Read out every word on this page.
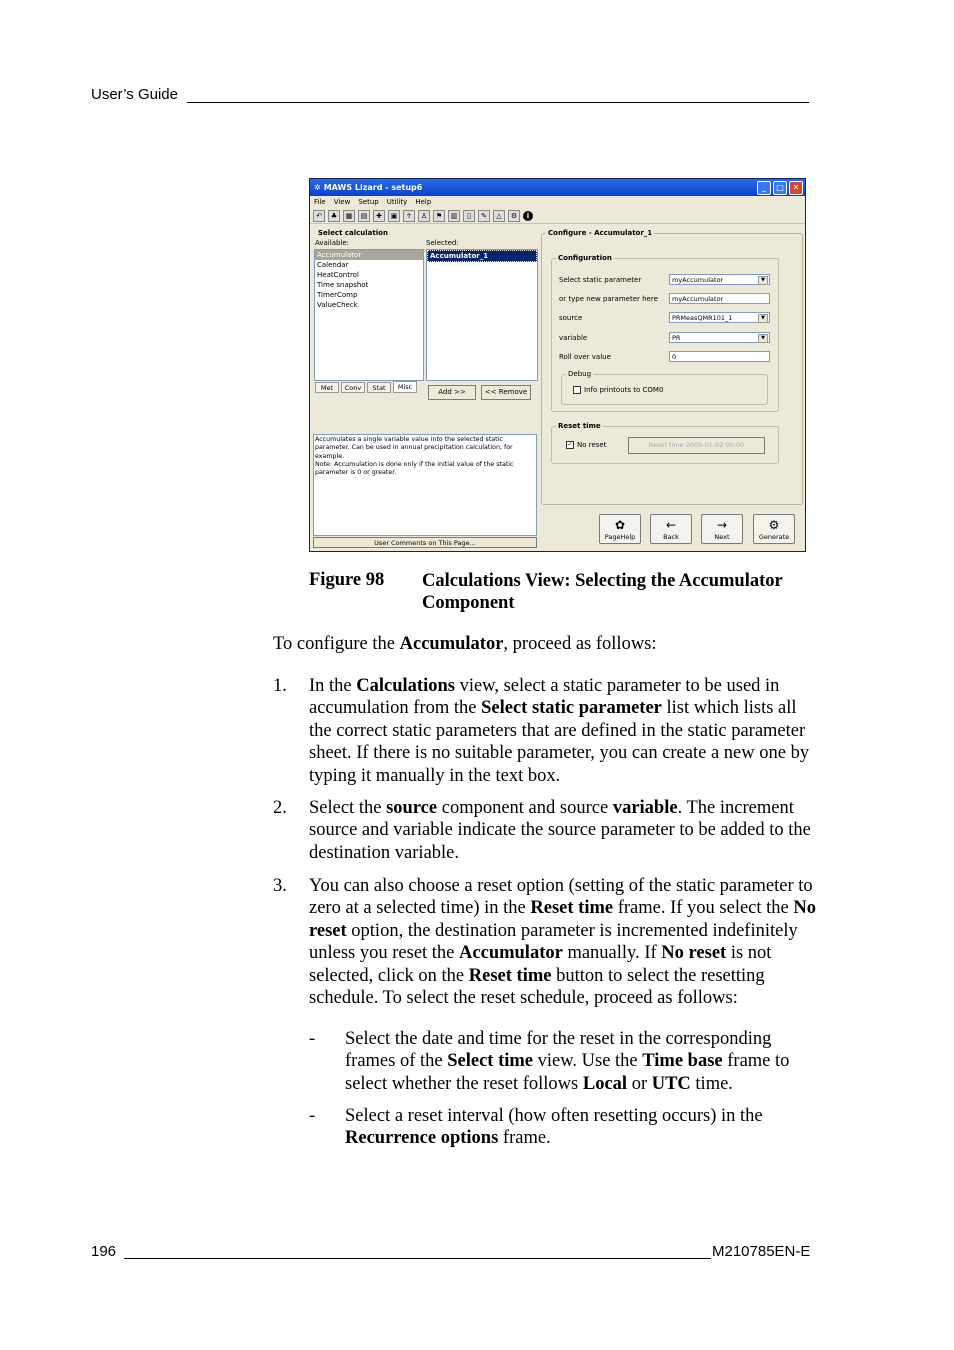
User’s Guide
✲ MAWS Lizard - setup6	_	□	✕
File View Setup Utility Help
↶	♣	▦	▤	✚	▣	☥	♙	⚑	▥	▯	✎	△	⚙	i
Select calculation
Available:	Selected:
Accumulator
Calendar
HeatControl
Time snapshot
TimerComp
ValueCheck
Accumulator_1
Met	Conv	Stat	Misc
Add >>	<< Remove
Accumulates a single variable value into the selected static parameter. Can be used in annual precipitation calculation, for example.
Note: Accumulation is done only if the initial value of the static parameter is 0 or greater.
User Comments on This Page...
Configure - Accumulator_1
Configuration
Select static parameter	myAccumulator	▼
or type new parameter here	myAccumulator
source	PRMeasQMR101_1	▼
variable	PR	▼
Roll over value	0
Debug
Info printouts to COM0
Reset time
✓ No reset	Reset time 2005-01-02 00:00
✿
PageHelp
←
Back
→
Next
⚙
Generate
Figure 98 Calculations View: Selecting the Accumulator Component
To configure the Accumulator, proceed as follows:
1. In the Calculations view, select a static parameter to be used in accumulation from the Select static parameter list which lists all the correct static parameters that are defined in the static parameter sheet. If there is no suitable parameter, you can create a new one by typing it manually in the text box.
2. Select the source component and source variable. The increment source and variable indicate the source parameter to be added to the destination variable.
3. You can also choose a reset option (setting of the static parameter to zero at a selected time) in the Reset time frame. If you select the No reset option, the destination parameter is incremented indefinitely unless you reset the Accumulator manually. If No reset is not selected, click on the Reset time button to select the resetting schedule. To select the reset schedule, proceed as follows:
- Select the date and time for the reset in the corresponding frames of the Select time view. Use the Time base frame to select whether the reset follows Local or UTC time.
- Select a reset interval (how often resetting occurs) in the Recurrence options frame.
196	M210785EN-E
